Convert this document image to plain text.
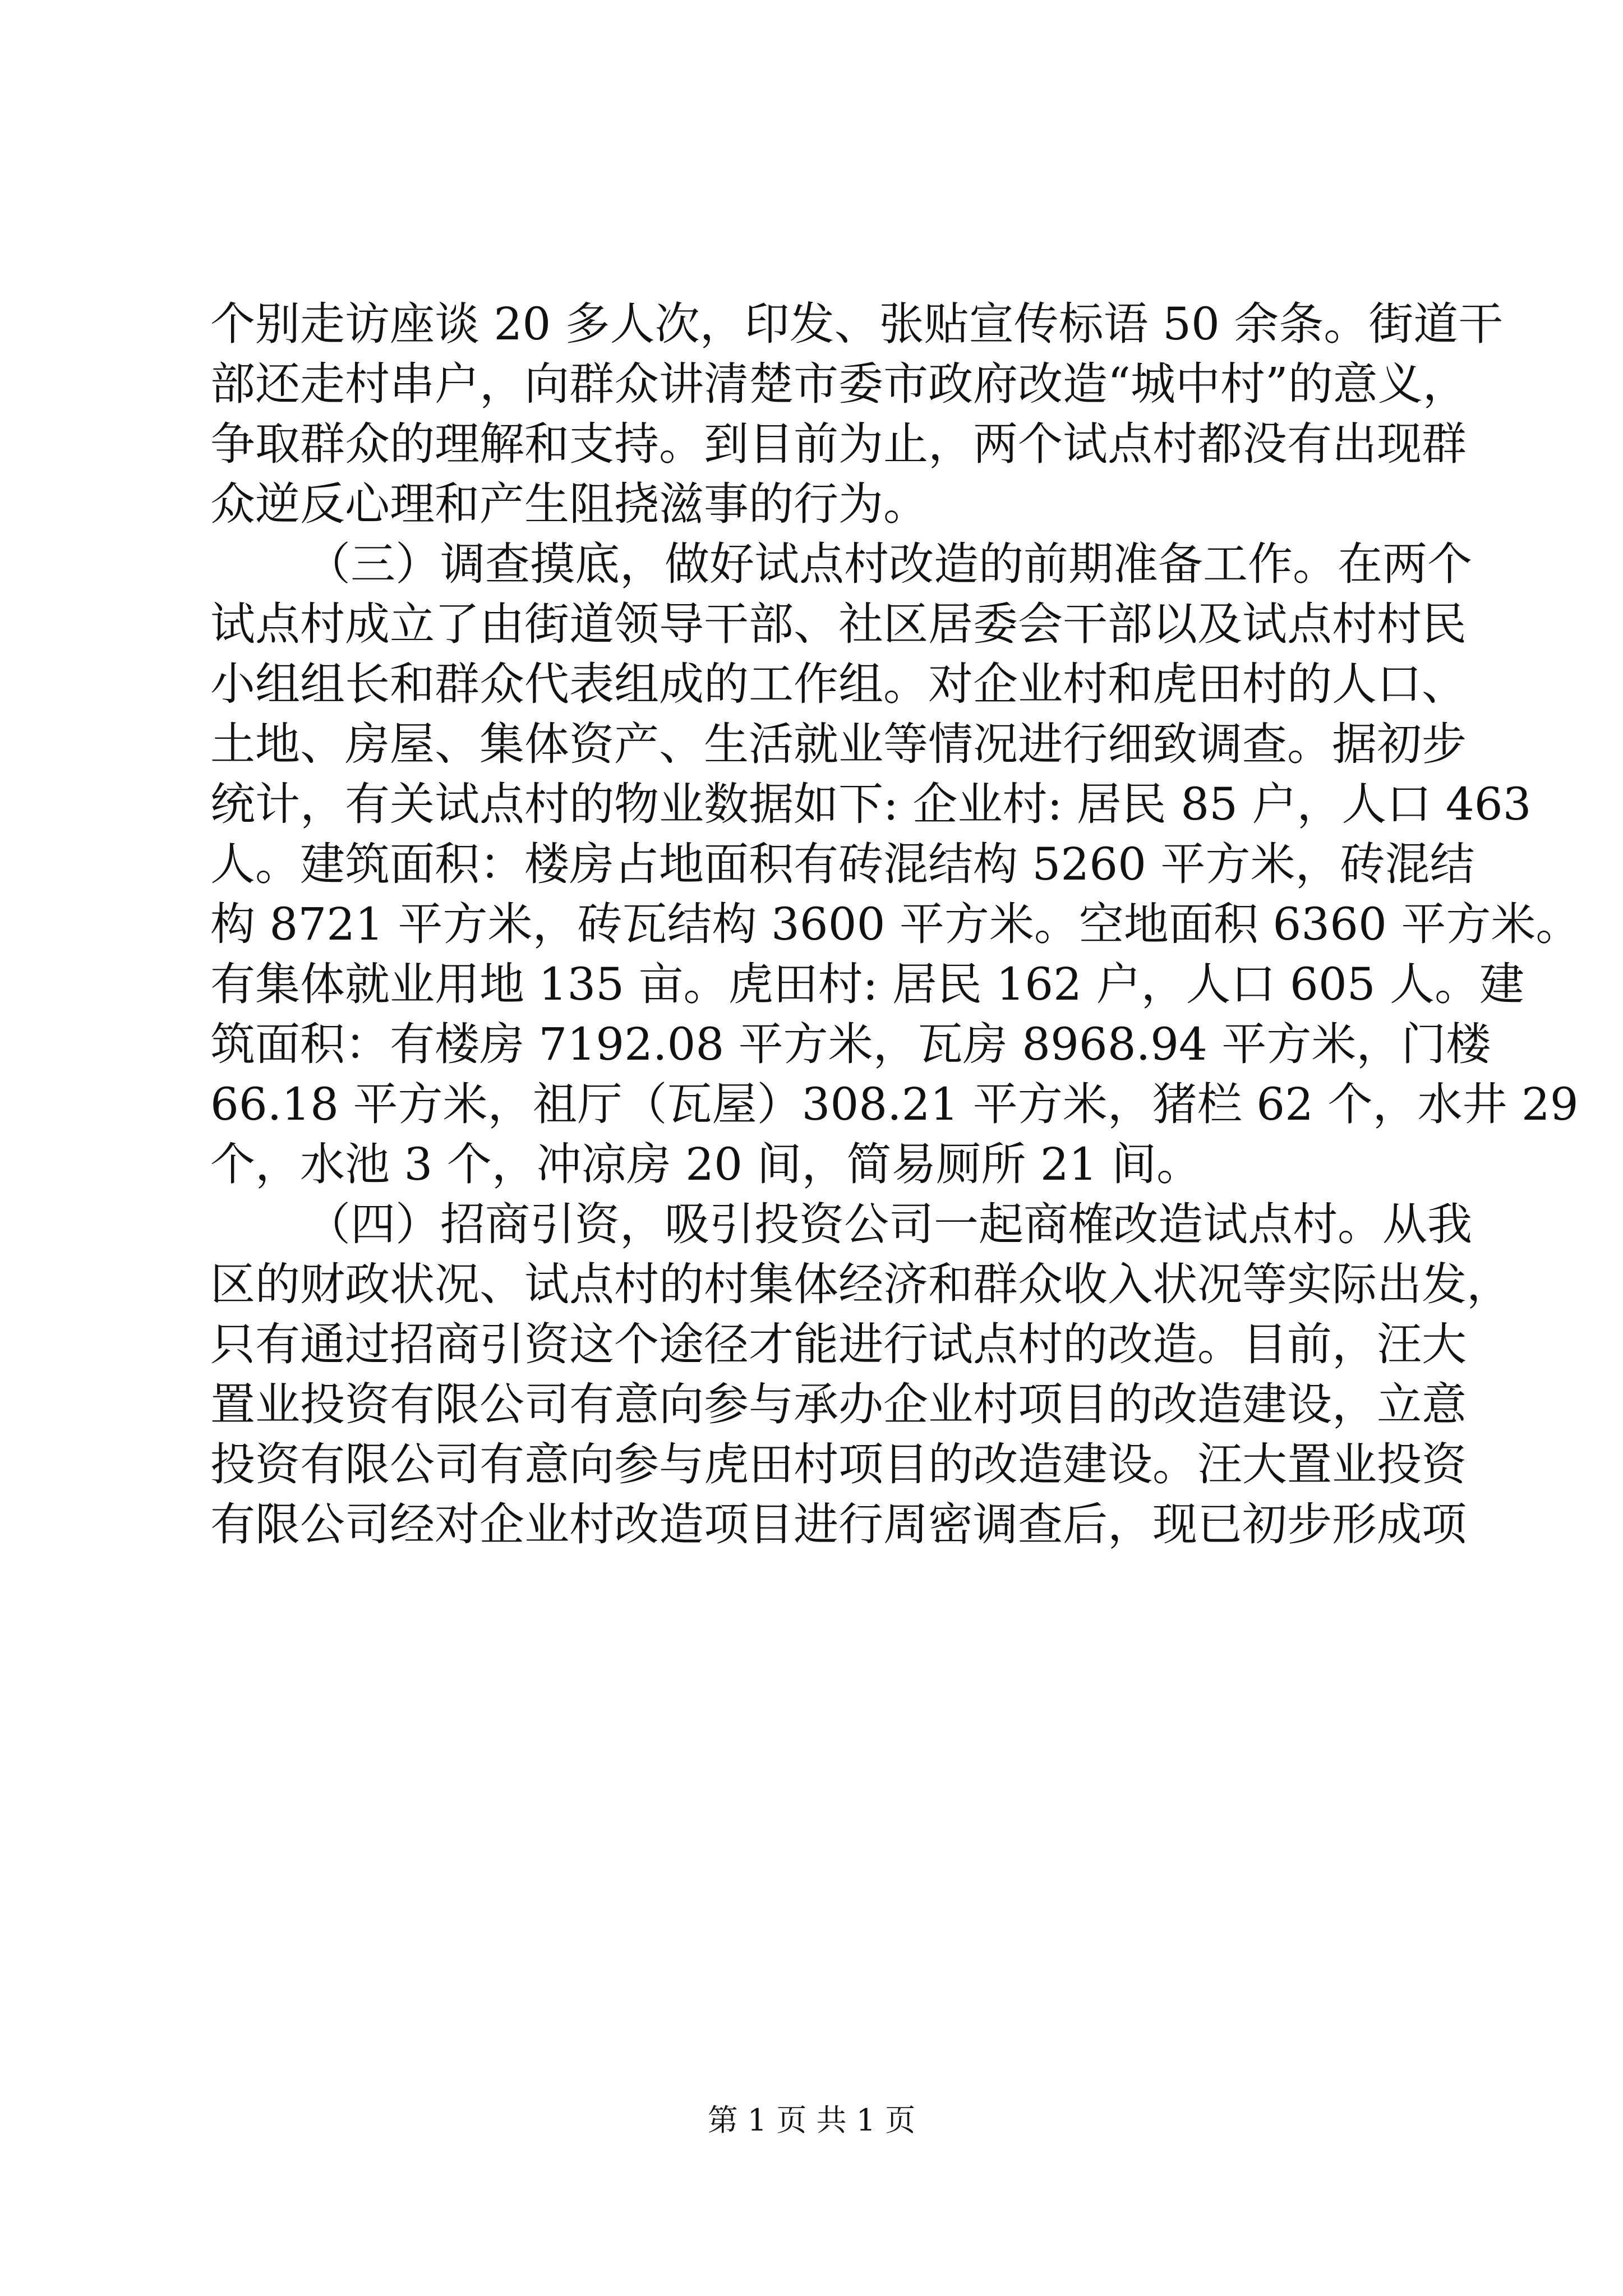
个别走访座谈 20 多人次，印发、张贴宣传标语 50 余条。街道干
部还走村串户，向群众讲清楚市委市政府改造“城中村”的意义，
争取群众的理解和支持。到目前为止，两个试点村都没有出现群
众逆反心理和产生阻挠滋事的行为。
（三）调查摸底，做好试点村改造的前期准备工作。在两个
试点村成立了由街道领导干部、社区居委会干部以及试点村村民
小组组长和群众代表组成的工作组。对企业村和虎田村的人口、
土地、房屋、集体资产、生活就业等情况进行细致调查。据初步
统计，有关试点村的物业数据如下: 企业村: 居民 85 户，人口 463
人。建筑面积：楼房占地面积有砖混结构 5260 平方米，砖混结
构 8721 平方米，砖瓦结构 3600 平方米。空地面积 6360 平方米。
有集体就业用地 135 亩。虎田村: 居民 162 户，人口 605 人。建
筑面积：有楼房 7192.08 平方米，瓦房 8968.94 平方米，门楼
66.18 平方米，祖厅（瓦屋）308.21 平方米，猪栏 62 个，水井 29
个，水池 3 个，冲凉房 20 间，简易厕所 21 间。
（四）招商引资，吸引投资公司一起商榷改造试点村。从我
区的财政状况、试点村的村集体经济和群众收入状况等实际出发，
只有通过招商引资这个途径才能进行试点村的改造。目前，汪大
置业投资有限公司有意向参与承办企业村项目的改造建设，立意
投资有限公司有意向参与虎田村项目的改造建设。汪大置业投资
有限公司经对企业村改造项目进行周密调查后，现已初步形成项
第 1 页 共 1 页
